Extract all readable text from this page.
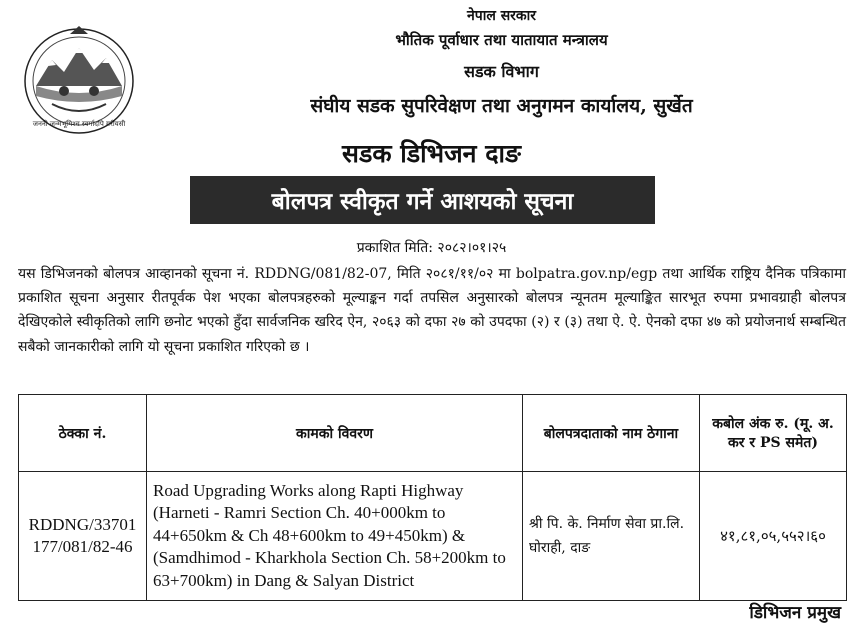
जननी जन्मभूमिश्च स्वर्गादपि गरीयसी
नेपाल सरकार
भौतिक पूर्वाधार तथा यातायात मन्त्रालय
सडक विभाग
संघीय सडक सुपरिवेक्षण तथा अनुगमन कार्यालय, सुर्खेत
सडक डिभिजन दाङ
बोलपत्र स्वीकृत गर्ने आशयको सूचना
प्रकाशित मिति: २०८२।०१।२५
यस डिभिजनको बोलपत्र आव्हानको सूचना नं. RDDNG/081/82-07, मिति २०८१/११/०२ मा bolpatra.gov.np/egp तथा आर्थिक राष्ट्रिय दैनिक पत्रिकामा प्रकाशित सूचना अनुसार रीतपूर्वक पेश भएका बोलपत्रहरुको मूल्याङ्कन गर्दा तपसिल अनुसारको बोलपत्र न्यूनतम मूल्याङ्कित सारभूत रुपमा प्रभावग्राही बोलपत्र देखिएकोले स्वीकृतिको लागि छनोट भएको हुँदा सार्वजनिक खरिद ऐन, २०६३ को दफा २७ को उपदफा (२) र (३) तथा ऐ. ऐ. ऐनको दफा ४७ को प्रयोजनार्थ सम्बन्धित सबैको जानकारीको लागि यो सूचना प्रकाशित गरिएको छ ।
ठेक्का नं.	कामको विवरण	बोलपत्रदाताको नाम ठेगाना	कबोल अंक रु. (मू. अ. कर र PS समेत)
RDDNG/33701 177/081/82-46	Road Upgrading Works along Rapti Highway (Harneti - Ramri Section Ch. 40+000km to 44+650km & Ch 48+600km to 49+450km) & (Samdhimod - Kharkhola Section Ch. 58+200km to 63+700km) in Dang & Salyan District	श्री पि. के. निर्माण सेवा प्रा.लि. घोराही, दाङ	४१,८१,०५,५५२।६०
डिभिजन प्रमुख
